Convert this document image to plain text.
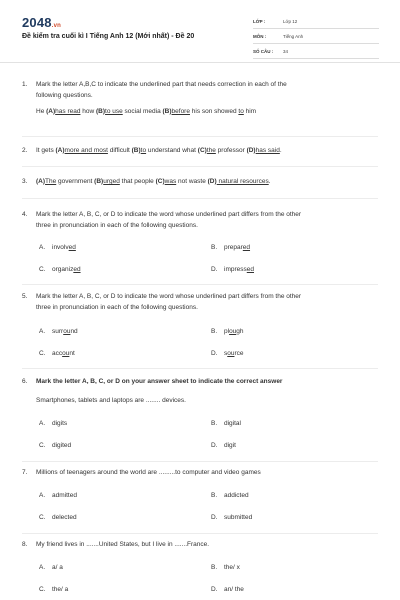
2048.vn
Đề kiểm tra cuối kì I Tiếng Anh 12 (Mới nhất) - Đề 20
LỚP :	Lớp 12
MÔN :	Tiếng Anh
SỐ CÂU :	34
1. Mark the letter A,B,C to indicate the underlined part that needs correction in each of the
following questions.
He (A)has read how (B)to use social media (B)before his son showed to him
2. It gets (A)more and most difficult (B)to understand what (C)the professor (D)has said.
3. (A)The government (B)urged that people (C)was not waste (D) natural resources.
4. Mark the letter A, B, C, or D to indicate the word whose underlined part differs from the other
three in pronunciation in each of the following questions.
A. involved	B. prepared
C. organized	D. impressed
5. Mark the letter A, B, C, or D to indicate the word whose underlined part differs from the other
three in pronunciation in each of the following questions.
A. surround	B. plough
C. account	D. source
6. Mark the letter A, B, C, or D on your answer sheet to indicate the correct answer
Smartphones, tablets and laptops are ........ devices.
A. digits	B. digital
C. digited	D. digit
7. Millions of teenagers around the world are .........to computer and video games
A. admitted	B. addicted
C. delected	D. submitted
8. My friend lives in .......United States, but I live in .......France.
A. a/ a	B. the/ x
C. the/ a	D. an/ the
